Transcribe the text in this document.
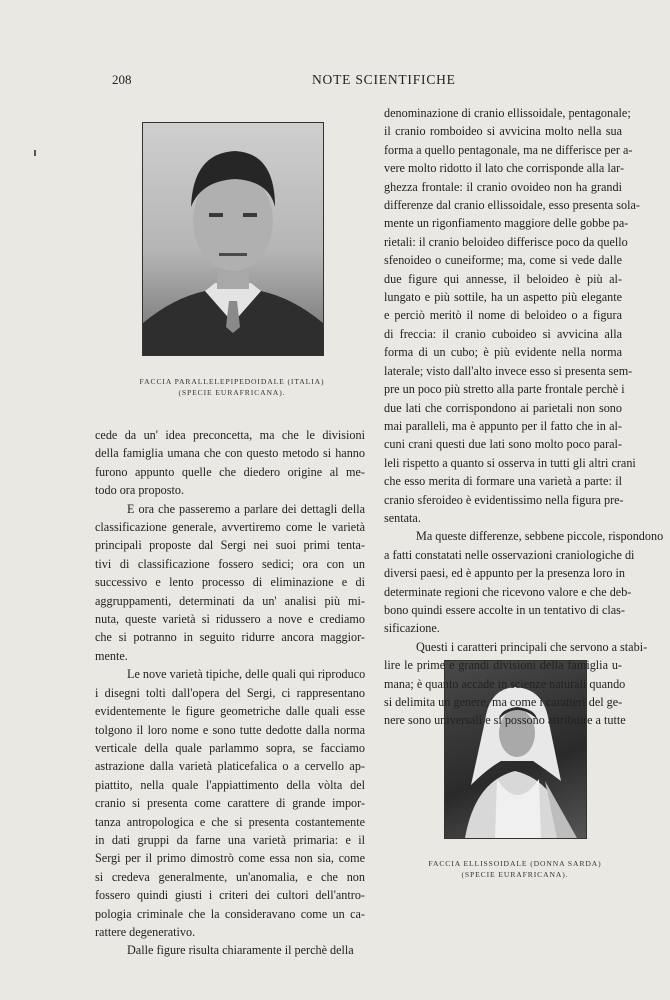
208	NOTE SCIENTIFICHE
FACCIA PARALLELEPIPEDOIDALE (ITALIA)
(SPECIE EURAFRICANA).
FACCIA ELLISSOIDALE (DONNA SARDA)
(SPECIE EURAFRICANA).
cede da un' idea preconcetta, ma che le divisioni
della famiglia umana che con questo metodo si hanno
furono appunto quelle che diedero origine al me-
todo ora proposto.
E ora che passeremo a parlare dei dettagli della
classificazione generale, avvertiremo come le varietà
principali proposte dal Sergi nei suoi primi tenta-
tivi di classificazione fossero sedici; ora con un
successivo e lento processo di eliminazione e di
aggruppamenti, determinati da un' analisi più mi-
nuta, queste varietà si ridussero a nove e crediamo
che si potranno in seguito ridurre ancora maggior-
mente.
Le nove varietà tipiche, delle quali qui riproduco
i disegni tolti dall'opera del Sergi, ci rappresentano
evidentemente le figure geometriche dalle quali esse
tolgono il loro nome e sono tutte dedotte dalla norma
verticale della quale parlammo sopra, se facciamo
astrazione dalla varietà platicefalica o a cervello ap-
piattito, nella quale l'appiattimento della vòlta del
cranio si presenta come carattere di grande impor-
tanza antropologica e che si presenta costantemente
in dati gruppi da farne una varietà primaria: e il
Sergi per il primo dimostrò come essa non sia, come
si credeva generalmente, un'anomalia, e che non
fossero quindi giusti i criteri dei cultori dell'antro-
pologia criminale che la consideravano come un ca-
rattere degenerativo.
Dalle figure risulta chiaramente il perchè della
denominazione di cranio ellissoidale, pentagonale;
il cranio romboideo si avvicina molto nella sua
forma a quello pentagonale, ma ne differisce per a-
vere molto ridotto il lato che corrisponde alla lar-
ghezza frontale: il cranio ovoideo non ha grandi
differenze dal cranio ellissoidale, esso presenta sola-
mente un rigonfiamento maggiore delle gobbe pa-
rietali: il cranio beloideo differisce poco da quello
sfenoideo o cuneiforme; ma, come si vede dalle
due figure qui annesse, il beloideo è più al-
lungato e più sottile, ha un aspetto più elegante
e perciò meritò il nome di beloideo o a figura
di freccia: il cranio cuboideo si avvicina alla
forma di un cubo; è più evidente nella norma
laterale; visto dall'alto invece esso si presenta sem-
pre un poco più stretto alla parte frontale perchè i
due lati che corrispondono ai parietali non sono
mai paralleli, ma è appunto per il fatto che in al-
cuni crani questi due lati sono molto poco paral-
leli rispetto a quanto si osserva in tutti gli altri crani
che esso merita di formare una varietà a parte: il
cranio sferoideo è evidentissimo nella figura pre-
sentata.
Ma queste differenze, sebbene piccole, rispondono
a fatti constatati nelle osservazioni craniologiche di
diversi paesi, ed è appunto per la presenza loro in
determinate regioni che ricevono valore e che deb-
bono quindi essere accolte in un tentativo di clas-
sificazione.
Questi i caratteri principali che servono a stabi-
lire le prime e grandi divisioni della famiglia u-
mana; è quanto accade in scienze naturali quando
si delimita un genere, ma come i caratteri del ge-
nere sono universali e si possono attribuire a tutte
